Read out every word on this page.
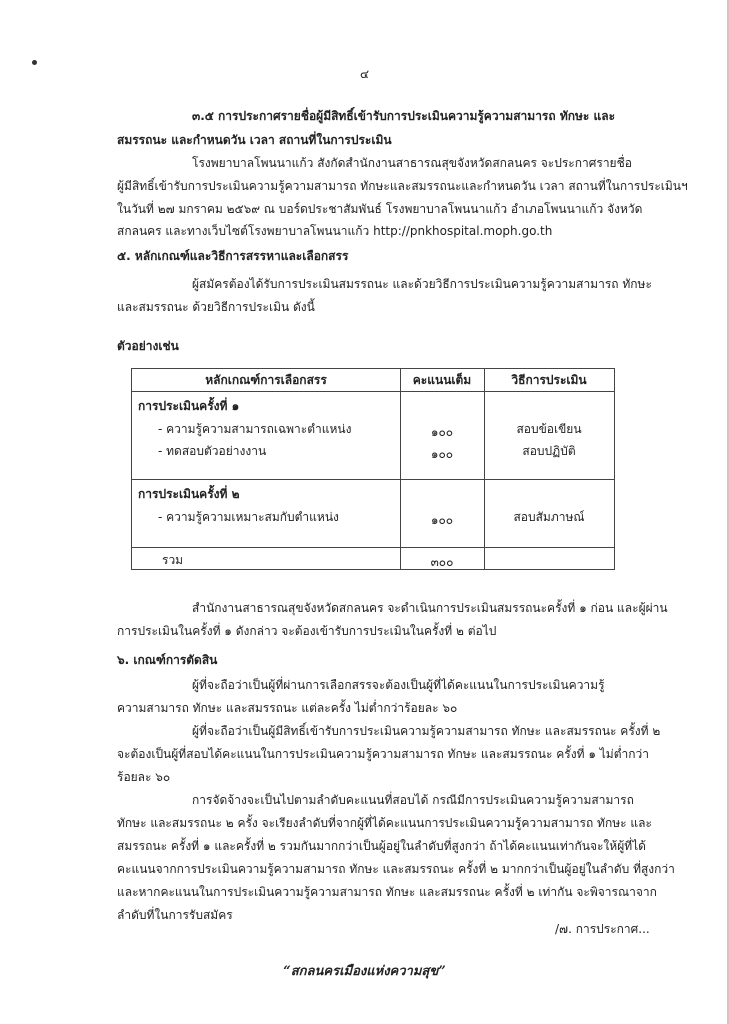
๔
๓.๕ การประกาศรายชื่อผู้มีสิทธิ์เข้ารับการประเมินความรู้ความสามารถ ทักษะ และ
สมรรถนะ และกำหนดวัน เวลา สถานที่ในการประเมิน
โรงพยาบาลโพนนาแก้ว สังกัดสำนักงานสาธารณสุขจังหวัดสกลนคร จะประกาศรายชื่อ
ผู้มีสิทธิ์เข้ารับการประเมินความรู้ความสามารถ ทักษะและสมรรถนะและกำหนดวัน เวลา สถานที่ในการประเมินฯ
ในวันที่ ๒๗ มกราคม ๒๕๖๙ ณ บอร์ดประชาสัมพันธ์ โรงพยาบาลโพนนาแก้ว อำเภอโพนนาแก้ว จังหวัด
สกลนคร และทางเว็บไซต์โรงพยาบาลโพนนาแก้ว http://pnkhospital.moph.go.th
๕. หลักเกณฑ์และวิธีการสรรหาและเลือกสรร
ผู้สมัครต้องได้รับการประเมินสมรรถนะ และด้วยวิธีการประเมินความรู้ความสามารถ ทักษะ
และสมรรถนะ ด้วยวิธีการประเมิน ดังนี้
ตัวอย่างเช่น
หลักเกณฑ์การเลือกสรร	คะแนนเต็ม	วิธีการประเมิน
การประเมินครั้งที่ ๑
- ความรู้ความสามารถเฉพาะตำแหน่ง	๑๐๐	สอบข้อเขียน
- ทดสอบตัวอย่างงาน	๑๐๐	สอบปฏิบัติ
การประเมินครั้งที่ ๒
- ความรู้ความเหมาะสมกับตำแหน่ง	๑๐๐	สอบสัมภาษณ์
รวม	๓๐๐
สำนักงานสาธารณสุขจังหวัดสกลนคร จะดำเนินการประเมินสมรรถนะครั้งที่ ๑ ก่อน และผู้ผ่าน
การประเมินในครั้งที่ ๑ ดังกล่าว จะต้องเข้ารับการประเมินในครั้งที่ ๒ ต่อไป
๖. เกณฑ์การตัดสิน
ผู้ที่จะถือว่าเป็นผู้ที่ผ่านการเลือกสรรจะต้องเป็นผู้ที่ได้คะแนนในการประเมินความรู้
ความสามารถ ทักษะ และสมรรถนะ แต่ละครั้ง ไม่ต่ำกว่าร้อยละ ๖๐
ผู้ที่จะถือว่าเป็นผู้มีสิทธิ์เข้ารับการประเมินความรู้ความสามารถ ทักษะ และสมรรถนะ ครั้งที่ ๒
จะต้องเป็นผู้ที่สอบได้คะแนนในการประเมินความรู้ความสามารถ ทักษะ และสมรรถนะ ครั้งที่ ๑ ไม่ต่ำกว่า
ร้อยละ ๖๐
การจัดจ้างจะเป็นไปตามลำดับคะแนนที่สอบได้ กรณีมีการประเมินความรู้ความสามารถ
ทักษะ และสมรรถนะ ๒ ครั้ง จะเรียงลำดับที่จากผู้ที่ได้คะแนนการประเมินความรู้ความสามารถ ทักษะ และ
สมรรถนะ ครั้งที่ ๑ และครั้งที่ ๒ รวมกันมากกว่าเป็นผู้อยู่ในลำดับที่สูงกว่า ถ้าได้คะแนนเท่ากันจะให้ผู้ที่ได้
คะแนนจากการประเมินความรู้ความสามารถ ทักษะ และสมรรถนะ ครั้งที่ ๒ มากกว่าเป็นผู้อยู่ในลำดับ ที่สูงกว่า
และหากคะแนนในการประเมินความรู้ความสามารถ ทักษะ และสมรรถนะ ครั้งที่ ๒ เท่ากัน จะพิจารณาจาก
ลำดับที่ในการรับสมัคร
/๗. การประกาศ...
“สกลนครเมืองแห่งความสุข”
